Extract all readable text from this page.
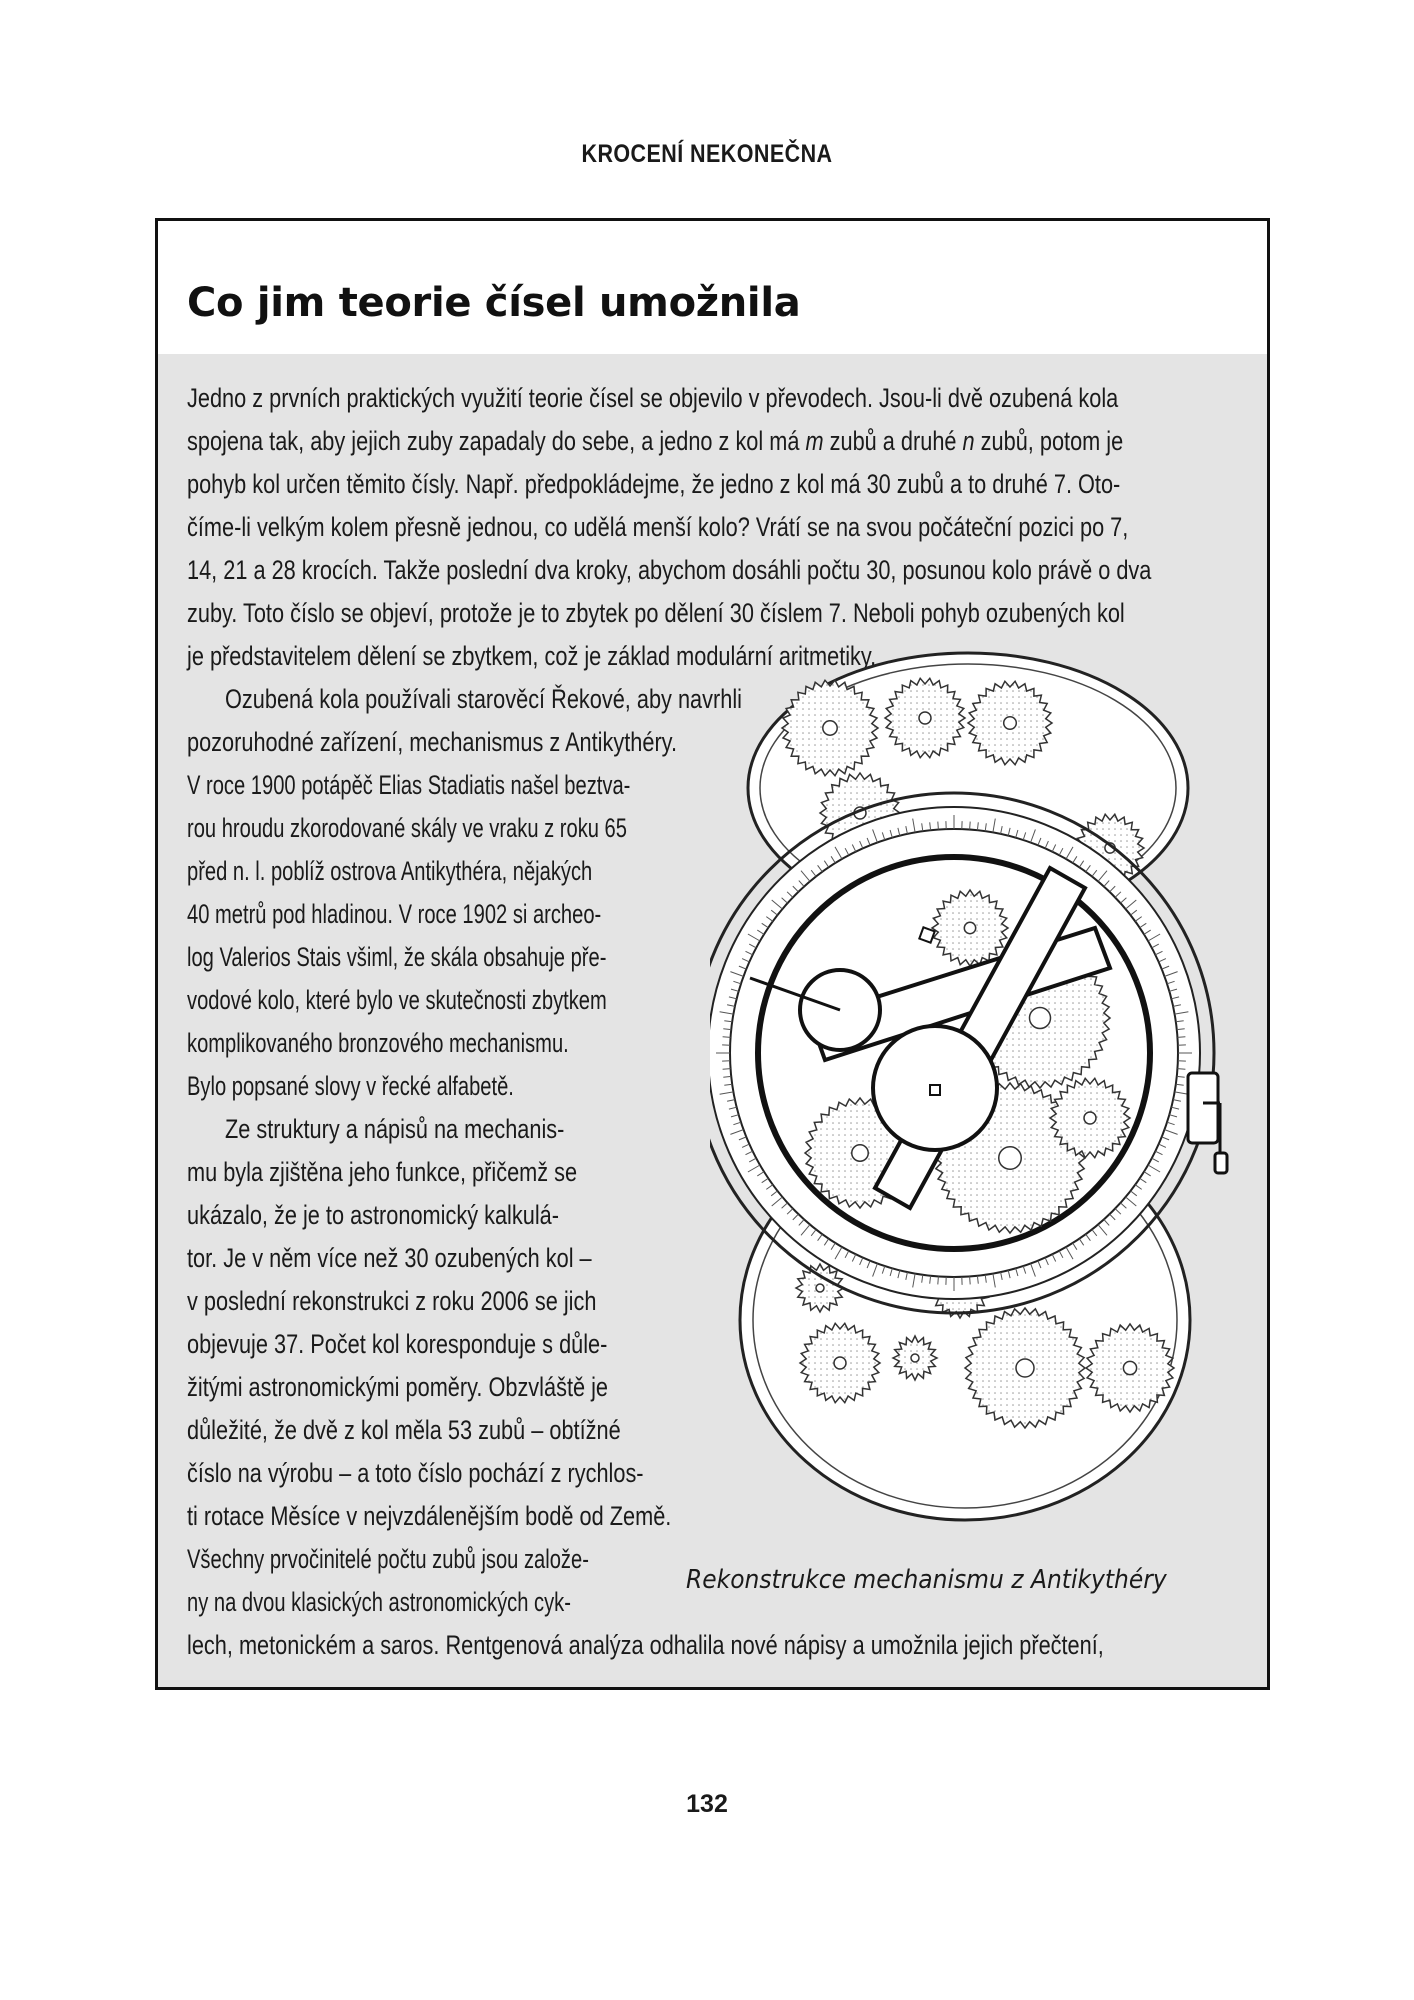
KROCENÍ NEKONEČNA
Co jim teorie čísel umožnila
Jedno z prvních praktických využití teorie čísel se objevilo v převodech. Jsou-li dvě ozubená kola
spojena tak, aby jejich zuby zapadaly do sebe, a jedno z kol má m zubů a druhé n zubů, potom je
pohyb kol určen těmito čísly. Např. předpokládejme, že jedno z kol má 30 zubů a to druhé 7. Oto-
číme-li velkým kolem přesně jednou, co udělá menší kolo? Vrátí se na svou počáteční pozici po 7,
14, 21 a 28 krocích. Takže poslední dva kroky, abychom dosáhli počtu 30, posunou kolo právě o dva
zuby. Toto číslo se objeví, protože je to zbytek po dělení 30 číslem 7. Neboli pohyb ozubených kol
je představitelem dělení se zbytkem, což je základ modulární aritmetiky.
Ozubená kola používali starověcí Řekové, aby navrhli
pozoruhodné zařízení, mechanismus z Antikythéry.
V roce 1900 potápěč Elias Stadiatis našel beztva-
rou hroudu zkorodované skály ve vraku z roku 65
před n. l. poblíž ostrova Antikythéra, nějakých
40 metrů pod hladinou. V roce 1902 si archeo-
log Valerios Stais všiml, že skála obsahuje pře-
vodové kolo, které bylo ve skutečnosti zbytkem
komplikovaného bronzového mechanismu.
Bylo popsané slovy v řecké alfabetě.
Ze struktury a nápisů na mechanis-
mu byla zjištěna jeho funkce, přičemž se
ukázalo, že je to astronomický kalkulá-
tor. Je v něm více než 30 ozubených kol –
v poslední rekonstrukci z roku 2006 se jich
objevuje 37. Počet kol koresponduje s důle-
žitými astronomickými poměry. Obzvláště je
důležité, že dvě z kol měla 53 zubů – obtížné
číslo na výrobu – a toto číslo pochází z rychlos-
ti rotace Měsíce v nejvzdálenějším bodě od Země.
Všechny prvočinitelé počtu zubů jsou založe-
ny na dvou klasických astronomických cyk-
lech, metonickém a saros. Rentgenová analýza odhalila nové nápisy a umožnila jejich přečtení,
Rekonstrukce mechanismu z Antikythéry
132
